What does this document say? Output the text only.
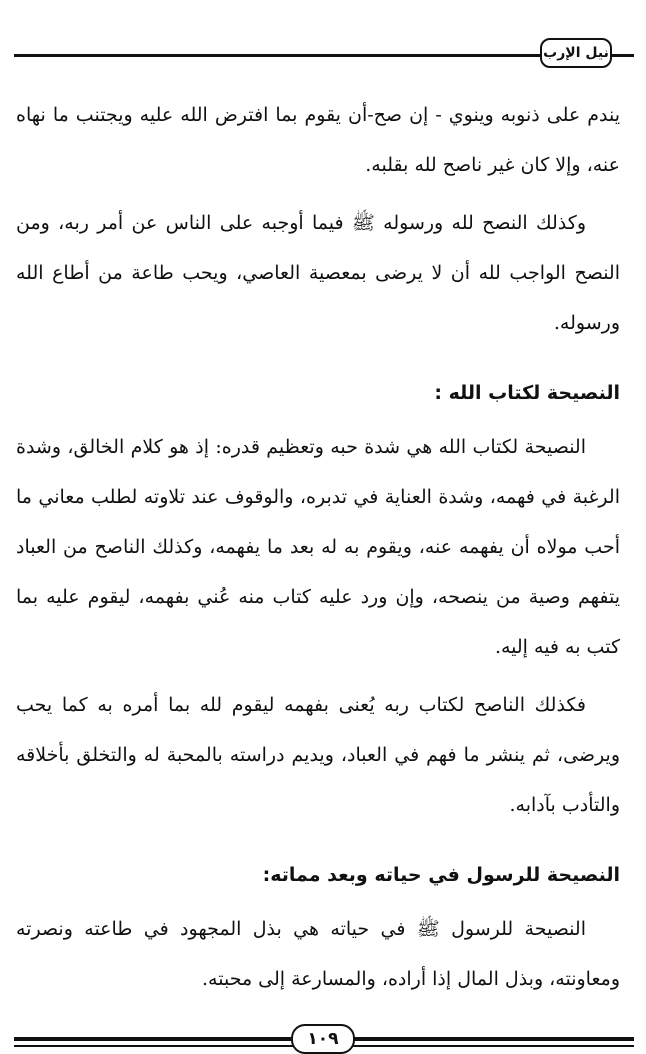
نيل الإرب

يندم على ذنوبه وينوي - إن صح-أن يقوم بما افترض الله عليه ويجتنب ما نهاه عنه، وإلا كان غير ناصح لله بقلبه.

وكذلك النصح لله ورسوله ﷺ فيما أوجبه على الناس عن أمر ربه، ومن النصح الواجب لله أن لا يرضى بمعصية العاصي، ويحب طاعة من أطاع الله ورسوله.

النصيحة لكتاب الله :

النصيحة لكتاب الله هي شدة حبه وتعظيم قدره: إذ هو كلام الخالق، وشدة الرغبة في فهمه، وشدة العناية في تدبره، والوقوف عند تلاوته لطلب معاني ما أحب مولاه أن يفهمه عنه، ويقوم به له بعد ما يفهمه، وكذلك الناصح من العباد يتفهم وصية من ينصحه، وإن ورد عليه كتاب منه عُني بفهمه، ليقوم عليه بما كتب به فيه إليه.

فكذلك الناصح لكتاب ربه يُعنى بفهمه ليقوم لله بما أمره به كما يحب ويرضى، ثم ينشر ما فهم في العباد، ويديم دراسته بالمحبة له والتخلق بأخلاقه والتأدب بآدابه.

النصيحة للرسول في حياته وبعد مماته:

النصيحة للرسول ﷺ في حياته هي بذل المجهود في طاعته ونصرته ومعاونته، وبذل المال إذا أراده، والمسارعة إلى محبته.

١٠٩
